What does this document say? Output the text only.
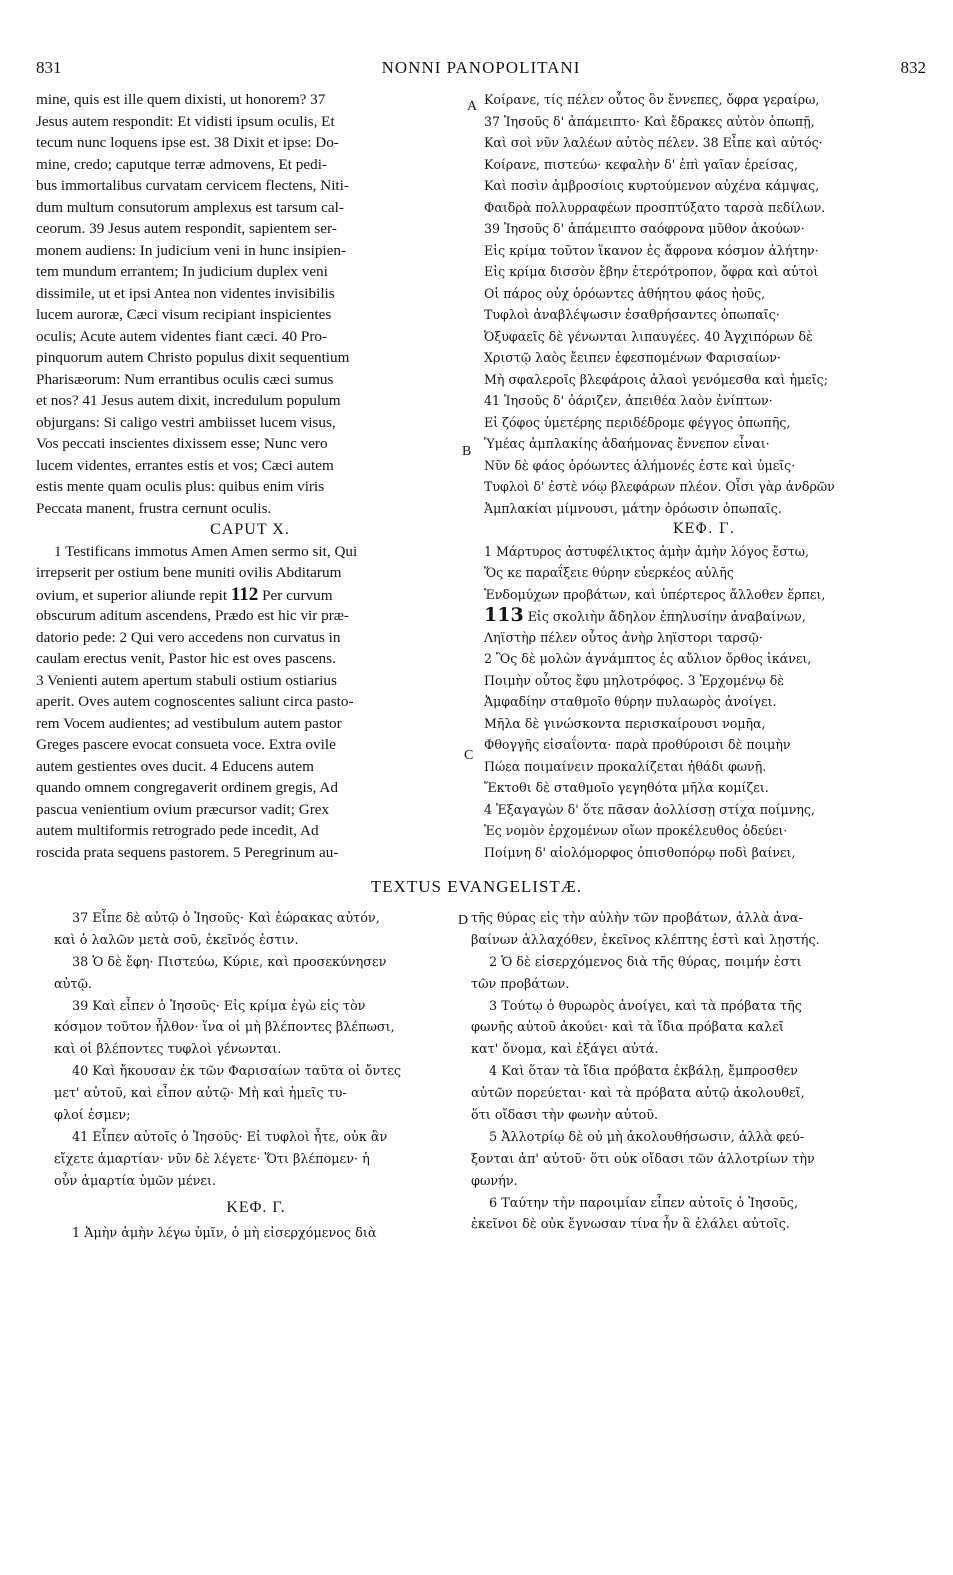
831	NONNI PANOPOLITANI	832
A
B
C
D
mine, quis est ille quem dixisti, ut honorem? 37
Jesus autem respondit: Et vidisti ipsum oculis, Et
tecum nunc loquens ipse est. 38 Dixit et ipse: Do-
mine, credo; caputque terræ admovens, Et pedi-
bus immortalibus curvatam cervicem flectens, Niti-
dum multum consutorum amplexus est tarsum cal-
ceorum. 39 Jesus autem respondit, sapientem ser-
monem audiens: In judicium veni in hunc insipien-
tem mundum errantem; In judicium duplex veni
dissimile, ut et ipsi Antea non videntes invisibilis
lucem auroræ, Cæci visum recipiant inspicientes
oculis; Acute autem videntes fiant cæci. 40 Pro-
pinquorum autem Christo populus dixit sequentium
Pharisæorum: Num errantibus oculis cæci sumus
et nos? 41 Jesus autem dixit, incredulum populum
objurgans: Si caligo vestri ambiisset lucem visus,
Vos peccati inscientes dixissem esse; Nunc vero
lucem videntes, errantes estis et vos; Cæci autem
estis mente quam oculis plus: quibus enim viris
Peccata manent, frustra cernunt oculis.
CAPUT X.
1 Testificans immotus Amen Amen sermo sit, Qui
irrepserit per ostium bene muniti ovilis Abditarum
ovium, et superior aliunde repit 112 Per curvum
obscurum aditum ascendens, Prædo est hic vir præ-
datorio pede: 2 Qui vero accedens non curvatus in
caulam erectus venit, Pastor hic est oves pascens.
3 Venienti autem apertum stabuli ostium ostiarius
aperit. Oves autem cognoscentes saliunt circa pasto-
rem Vocem audientes; ad vestibulum autem pastor
Greges pascere evocat consueta voce. Extra ovile
autem gestientes oves ducit. 4 Educens autem
quando omnem congregaverit ordinem gregis, Ad
pascua venientium ovium præcursor vadit; Grex
autem multiformis retrogrado pede incedit, Ad
roscida prata sequens pastorem. 5 Peregrinum au-
Κοίρανε, τίς πέλεν οὗτος ὃν ἔννεπες, ὄφρα γεραίρω,
37 Ἰησοῦς δ' ἀπάμειπτο· Καὶ ἔδρακες αὐτὸν ὀπωπῇ,
Καὶ σοὶ νῦν λαλέων αὐτὸς πέλεν. 38 Εἶπε καὶ αὐτός·
Κοίρανε, πιστεύω· κεφαλὴν δ' ἐπὶ γαῖαν ἐρείσας,
Καὶ ποσὶν ἀμβροσίοις κυρτούμενον αὐχένα κάμψας,
Φαιδρὰ πολλυρραφέων προσπτύξατο ταρσὰ πεδίλων.
39 Ἰησοῦς δ' ἀπάμειπτο σαόφρονα μῦθον ἀκούων·
Εἰς κρίμα τοῦτον ἵκανον ἐς ἄφρονα κόσμον ἀλήτην·
Εἰς κρίμα δισσὸν ἔβην ἑτερότροπον, ὄφρα καὶ αὐτοὶ
Οἱ πάρος οὐχ ὁρόωντες ἀθήητου φάος ἠοῦς,
Τυφλοὶ ἀναβλέψωσιν ἐσαθρήσαντες ὀπωπαῖς·
Ὀξυφαεῖς δὲ γένωνται λιπαυγέες. 40 Ἀγχιπόρων δὲ
Χριστῷ λαὸς ἔειπεν ἐφεσπομένων Φαρισαίων·
Μὴ σφαλεροῖς βλεφάροις ἀλαοὶ γενόμεσθα καὶ ἡμεῖς;
41 Ἰησοῦς δ' ὀάριζεν, ἀπειθέα λαὸν ἐνίπτων·
Εἰ ζόφος ὑμετέρης περιδέδρομε φέγγος ὀπωπῆς,
Ὑμέας ἀμπλακίης ἀδαήμονας ἔννεπον εἶναι·
Νῦν δὲ φάος ὁρόωντες ἀλήμονές ἐστε καὶ ὑμεῖς·
Τυφλοὶ δ' ἐστὲ νόῳ βλεφάρων πλέον. Οἷσι γὰρ ἀνδρῶν
Ἀμπλακίαι μίμνουσι, μάτην ὁρόωσιν ὀπωπαῖς.
ΚΕΦ. Γ.
1 Μάρτυρος ἀστυφέλικτος ἀμὴν ἀμὴν λόγος ἔστω,
Ὅς κε παραΐξειε θύρην εὐερκέος αὐλῆς
Ἐνδομύχων προβάτων, καὶ ὑπέρτερος ἄλλοθεν ἕρπει,
113 Εἰς σκολιὴν ἄδηλον ἐπηλυσίην ἀναβαίνων,
Ληϊστὴρ πέλεν οὗτος ἀνὴρ ληϊστορι ταρσῷ·
2 Ὃς δὲ μολὼν ἀγνάμπτος ἐς αὔλιον ὄρθος ἱκάνει,
Ποιμὴν οὗτος ἔφυ μηλοτρόφος. 3 Ἐρχομένῳ δὲ
Ἀμφαδίην σταθμοῖο θύρην πυλαωρὸς ἀνοίγει.
Μῆλα δὲ γινώσκοντα περισκαίρουσι νομῆα,
Φθογγῆς εἰσαΐοντα· παρὰ προθύροισι δὲ ποιμὴν
Πώεα ποιμαίνειν προκαλίζεται ἠθάδι φωνῇ.
Ἔκτοθι δὲ σταθμοῖο γεγηθότα μῆλα κομίζει.
4 Ἐξαγαγὼν δ' ὅτε πᾶσαν ἀολλίσσῃ στίχα ποίμνης,
Ἐς νομὸν ἐρχομένων οἴων προκέλευθος ὁδεύει·
Ποίμνη δ' αἰολόμορφος ὀπισθοπόρῳ ποδὶ βαίνει,
TEXTUS EVANGELISTÆ.
37 Εἶπε δὲ αὐτῷ ὁ Ἰησοῦς· Καὶ ἑώρακας αὐτόν,
καὶ ὁ λαλῶν μετὰ σοῦ, ἐκεῖνός ἐστιν.
38 Ὁ δὲ ἔφη· Πιστεύω, Κύριε, καὶ προσεκύνησεν
αὐτῷ.
39 Καὶ εἶπεν ὁ Ἰησοῦς· Εἰς κρίμα ἐγὼ εἰς τὸν
κόσμον τοῦτον ἦλθον· ἵνα οἱ μὴ βλέποντες βλέπωσι,
καὶ οἱ βλέποντες τυφλοὶ γένωνται.
40 Καὶ ἤκουσαν ἐκ τῶν Φαρισαίων ταῦτα οἱ ὄντες
μετ' αὐτοῦ, καὶ εἶπον αὐτῷ· Μὴ καὶ ἡμεῖς τυ-
φλοί ἐσμεν;
41 Εἶπεν αὐτοῖς ὁ Ἰησοῦς· Εἰ τυφλοὶ ἦτε, οὐκ ἂν
εἴχετε ἁμαρτίαν· νῦν δὲ λέγετε· Ὅτι βλέπομεν· ἡ
οὖν ἁμαρτία ὑμῶν μένει.
ΚΕΦ. Γ.
1 Ἀμὴν ἀμὴν λέγω ὑμῖν, ὁ μὴ εἰσερχόμενος διὰ
τῆς θύρας εἰς τὴν αὐλὴν τῶν προβάτων, ἀλλὰ ἀνα-
βαίνων ἀλλαχόθεν, ἐκεῖνος κλέπτης ἐστὶ καὶ λῃστής.
2 Ὁ δὲ εἰσερχόμενος διὰ τῆς θύρας, ποιμήν ἐστι
τῶν προβάτων.
3 Τούτῳ ὁ θυρωρὸς ἀνοίγει, καὶ τὰ πρόβατα τῆς
φωνῆς αὐτοῦ ἀκούει· καὶ τὰ ἴδια πρόβατα καλεῖ
κατ' ὄνομα, καὶ ἐξάγει αὐτά.
4 Καὶ ὅταν τὰ ἴδια πρόβατα ἐκβάλῃ, ἔμπροσθεν
αὐτῶν πορεύεται· καὶ τὰ πρόβατα αὐτῷ ἀκολουθεῖ,
ὅτι οἴδασι τὴν φωνὴν αὐτοῦ.
5 Ἀλλοτρίῳ δὲ οὐ μὴ ἀκολουθήσωσιν, ἀλλὰ φεύ-
ξονται ἀπ' αὐτοῦ· ὅτι οὐκ οἴδασι τῶν ἀλλοτρίων τὴν
φωνήν.
6 Ταύτην τὴν παροιμίαν εἶπεν αὐτοῖς ὁ Ἰησοῦς,
ἐκεῖνοι δὲ οὐκ ἔγνωσαν τίνα ἦν ἃ ἐλάλει αὐτοῖς.
